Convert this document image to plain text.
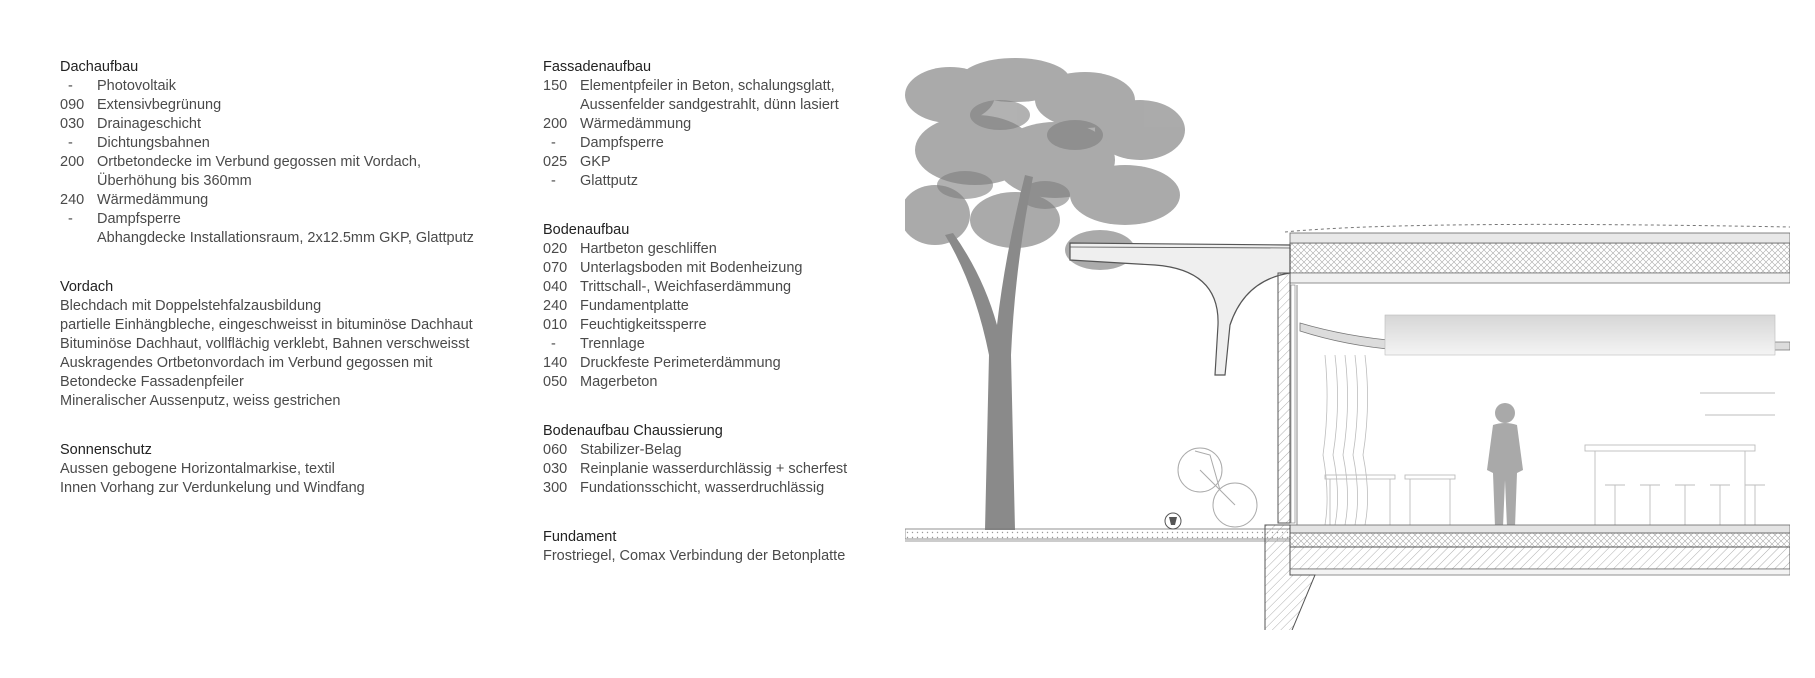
Dachaufbau
-	Photovoltaik
090 Extensivbegrünung
030 Drainageschicht
-	Dichtungsbahnen
200 Ortbetondecke im Verbund gegossen mit Vordach,
Überhöhung bis 360mm
240 Wärmedämmung
-	Dampfsperre
Abhangdecke Installationsraum, 2x12.5mm GKP, Glattputz
Vordach
Blechdach mit Doppelstehfalzausbildung
partielle Einhängbleche, eingeschweisst in bituminöse Dachhaut
Bituminöse Dachhaut, vollflächig verklebt, Bahnen verschweisst
Auskragendes Ortbetonvordach im Verbund gegossen mit
Betondecke Fassadenpfeiler
Mineralischer Aussenputz, weiss gestrichen
Sonnenschutz
Aussen gebogene Horizontalmarkise, textil
Innen Vorhang zur Verdunkelung und Windfang
Fassadenaufbau
150 Elementpfeiler in Beton, schalungsglatt,
Aussenfelder sandgestrahlt, dünn lasiert
200 Wärmedämmung
-	Dampfsperre
025 GKP
-	Glattputz
Bodenaufbau
020 Hartbeton geschliffen
070 Unterlagsboden mit Bodenheizung
040 Trittschall-, Weichfaserdämmung
240 Fundamentplatte
010 Feuchtigkeitssperre
-	Trennlage
140 Druckfeste Perimeterdämmung
050 Magerbeton
Bodenaufbau Chaussierung
060 Stabilizer-Belag
030 Reinplanie wasserdurchlässig + scherfest
300 Fundationsschicht, wasserdruchlässig
Fundament
Frostriegel, Comax Verbindung der Betonplatte
